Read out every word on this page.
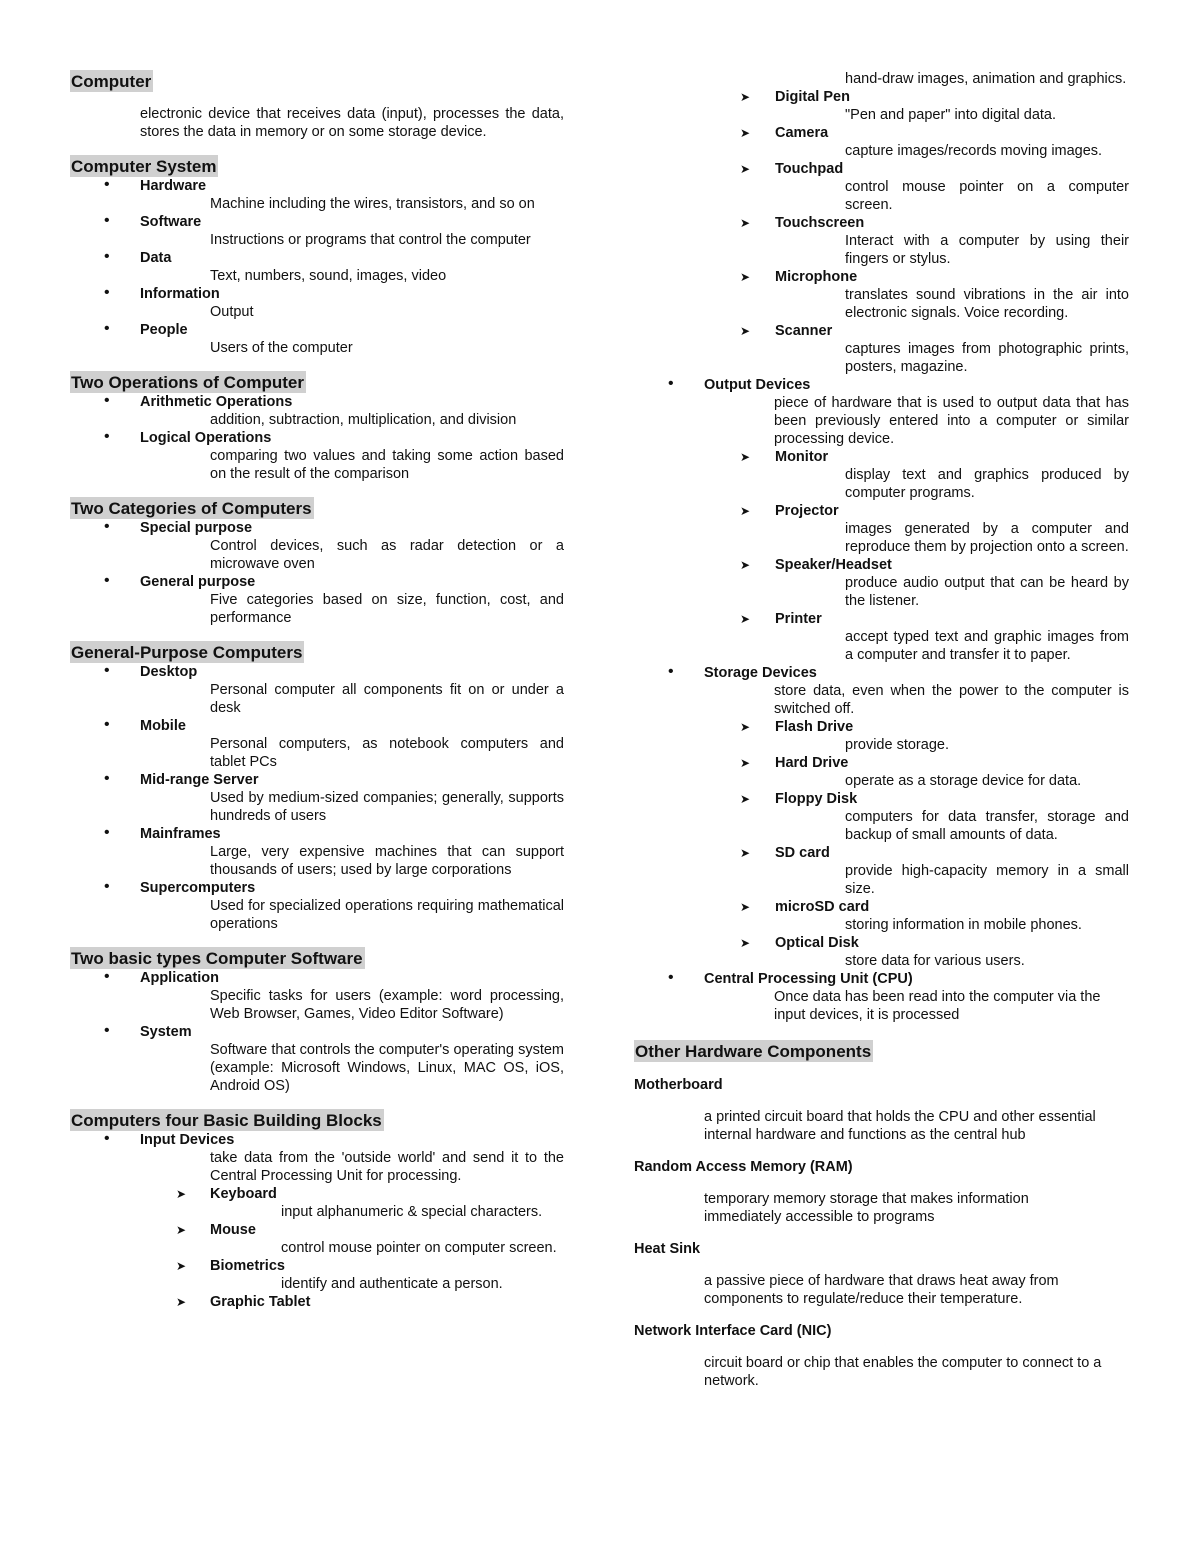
Computer
electronic device that receives data (input), processes the data, stores the data in memory or on some storage device.
Computer System
• Hardware
Machine including the wires, transistors, and so on
• Software
Instructions or programs that control the computer
• Data
Text, numbers, sound, images, video
• Information
Output
• People
Users of the computer
Two Operations of Computer
• Arithmetic Operations
addition, subtraction, multiplication, and division
• Logical Operations
comparing two values and taking some action based on the result of the comparison
Two Categories of Computers
• Special purpose
Control devices, such as radar detection or a microwave oven
• General purpose
Five categories based on size, function, cost, and performance
General-Purpose Computers
• Desktop
Personal computer all components fit on or under a desk
• Mobile
Personal computers, as notebook computers and tablet PCs
• Mid-range Server
Used by medium-sized companies; generally, supports hundreds of users
• Mainframes
Large, very expensive machines that can support thousands of users; used by large corporations
• Supercomputers
Used for specialized operations requiring mathematical operations
Two basic types Computer Software
• Application
Specific tasks for users (example: word processing, Web Browser, Games, Video Editor Software)
• System
Software that controls the computer's operating system (example: Microsoft Windows, Linux, MAC OS, iOS, Android OS)
Computers four Basic Building Blocks
• Input Devices
take data from the 'outside world' and send it to the Central Processing Unit for processing.
➤ Keyboard
input alphanumeric & special characters.
➤ Mouse
control mouse pointer on computer screen.
➤ Biometrics
identify and authenticate a person.
➤ Graphic Tablet
hand-draw images, animation and graphics.
➤ Digital Pen
"Pen and paper" into digital data.
➤ Camera
capture images/records moving images.
➤ Touchpad
control mouse pointer on a computer screen.
➤ Touchscreen
Interact with a computer by using their fingers or stylus.
➤ Microphone
translates sound vibrations in the air into electronic signals. Voice recording.
➤ Scanner
captures images from photographic prints, posters, magazine.
• Output Devices
piece of hardware that is used to output data that has been previously entered into a computer or similar processing device.
➤ Monitor
display text and graphics produced by computer programs.
➤ Projector
images generated by a computer and reproduce them by projection onto a screen.
➤ Speaker/Headset
produce audio output that can be heard by the listener.
➤ Printer
accept typed text and graphic images from a computer and transfer it to paper.
• Storage Devices
store data, even when the power to the computer is switched off.
➤ Flash Drive
provide storage.
➤ Hard Drive
operate as a storage device for data.
➤ Floppy Disk
computers for data transfer, storage and backup of small amounts of data.
➤ SD card
provide high-capacity memory in a small size.
➤ microSD card
storing information in mobile phones.
➤ Optical Disk
store data for various users.
• Central Processing Unit (CPU)
Once data has been read into the computer via the input devices, it is processed
Other Hardware Components
Motherboard
a printed circuit board that holds the CPU and other essential internal hardware and functions as the central hub
Random Access Memory (RAM)
temporary memory storage that makes information immediately accessible to programs
Heat Sink
a passive piece of hardware that draws heat away from components to regulate/reduce their temperature.
Network Interface Card (NIC)
circuit board or chip that enables the computer to connect to a network.
